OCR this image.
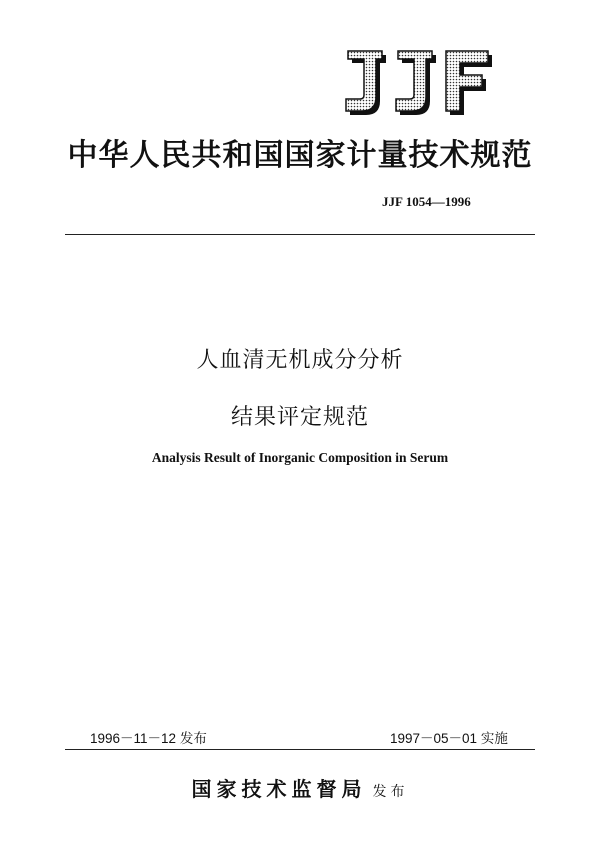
中华人民共和国国家计量技术规范
JJF 1054—1996
人血清无机成分分析
结果评定规范
Analysis Result of Inorganic Composition in Serum
1996－11－12 发布	1997－05－01 实施
国家技术监督局 发布
